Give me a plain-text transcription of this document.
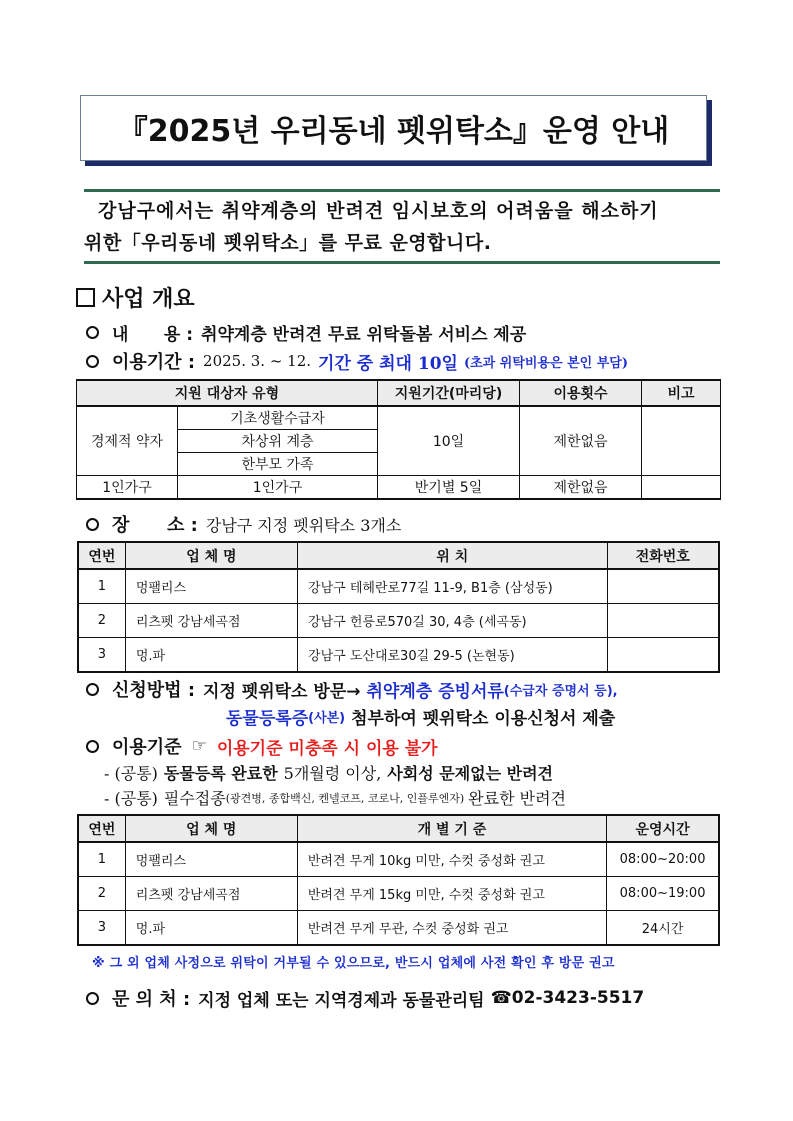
『2025년 우리동네 펫위탁소』운영 안내
강남구에서는 취약계층의 반려견 임시보호의 어려움을 해소하기
위한「우리동네 펫위탁소」를 무료 운영합니다.
사업 개요
내      용 : 취약계층 반려견 무료 위탁돌봄 서비스 제공
이용기간 : 2025. 3. ~ 12. 기간 중 최대 10일 (초과 위탁비용은 본인 부담)
지원 대상자 유형		지원기간(마리당)	이용횟수	비고
경제적 약자	기초생활수급자	10일	제한없음	
	차상위 계층			
	한부모 가족			
1인가구	1인가구	반기별 5일	제한없음	
장      소 : 강남구 지정 펫위탁소 3개소
연번	업 체 명	위 치	전화번호
1	멍팰리스	강남구 테헤란로77길 11-9, B1층 (삼성동)	
2	리츠펫 강남세곡점	강남구 헌릉로570길 30, 4층 (세곡동)	
3	멍.파	강남구 도산대로30길 29-5 (논현동)	
신청방법 : 지정 펫위탁소 방문→ 취약계층 증빙서류 (수급자 증명서 등),
동물등록증 (사본) 첨부하여 펫위탁소 이용신청서 제출
이용기준 ☞ 이용기준 미충족 시 이용 불가
- (공통) 동물등록 완료한 5개월령 이상, 사회성 문제없는 반려견
- (공통) 필수접종 (광견병, 종합백신, 켄넬코프, 코로나, 인플루엔자) 완료한 반려견
연번	업 체 명	개 별 기 준	운영시간
1	멍팰리스	반려견 무게 10kg 미만, 수컷 중성화 권고	08:00~20:00
2	리츠펫 강남세곡점	반려견 무게 15kg 미만, 수컷 중성화 권고	08:00~19:00
3	멍.파	반려견 무게 무관, 수컷 중성화 권고	24시간
※ 그 외 업체 사정으로 위탁이 거부될 수 있으므로, 반드시 업체에 사전 확인 후 방문 권고
문 의 처 : 지정 업체 또는 지역경제과 동물관리팀 ☎ 02-3423-5517
